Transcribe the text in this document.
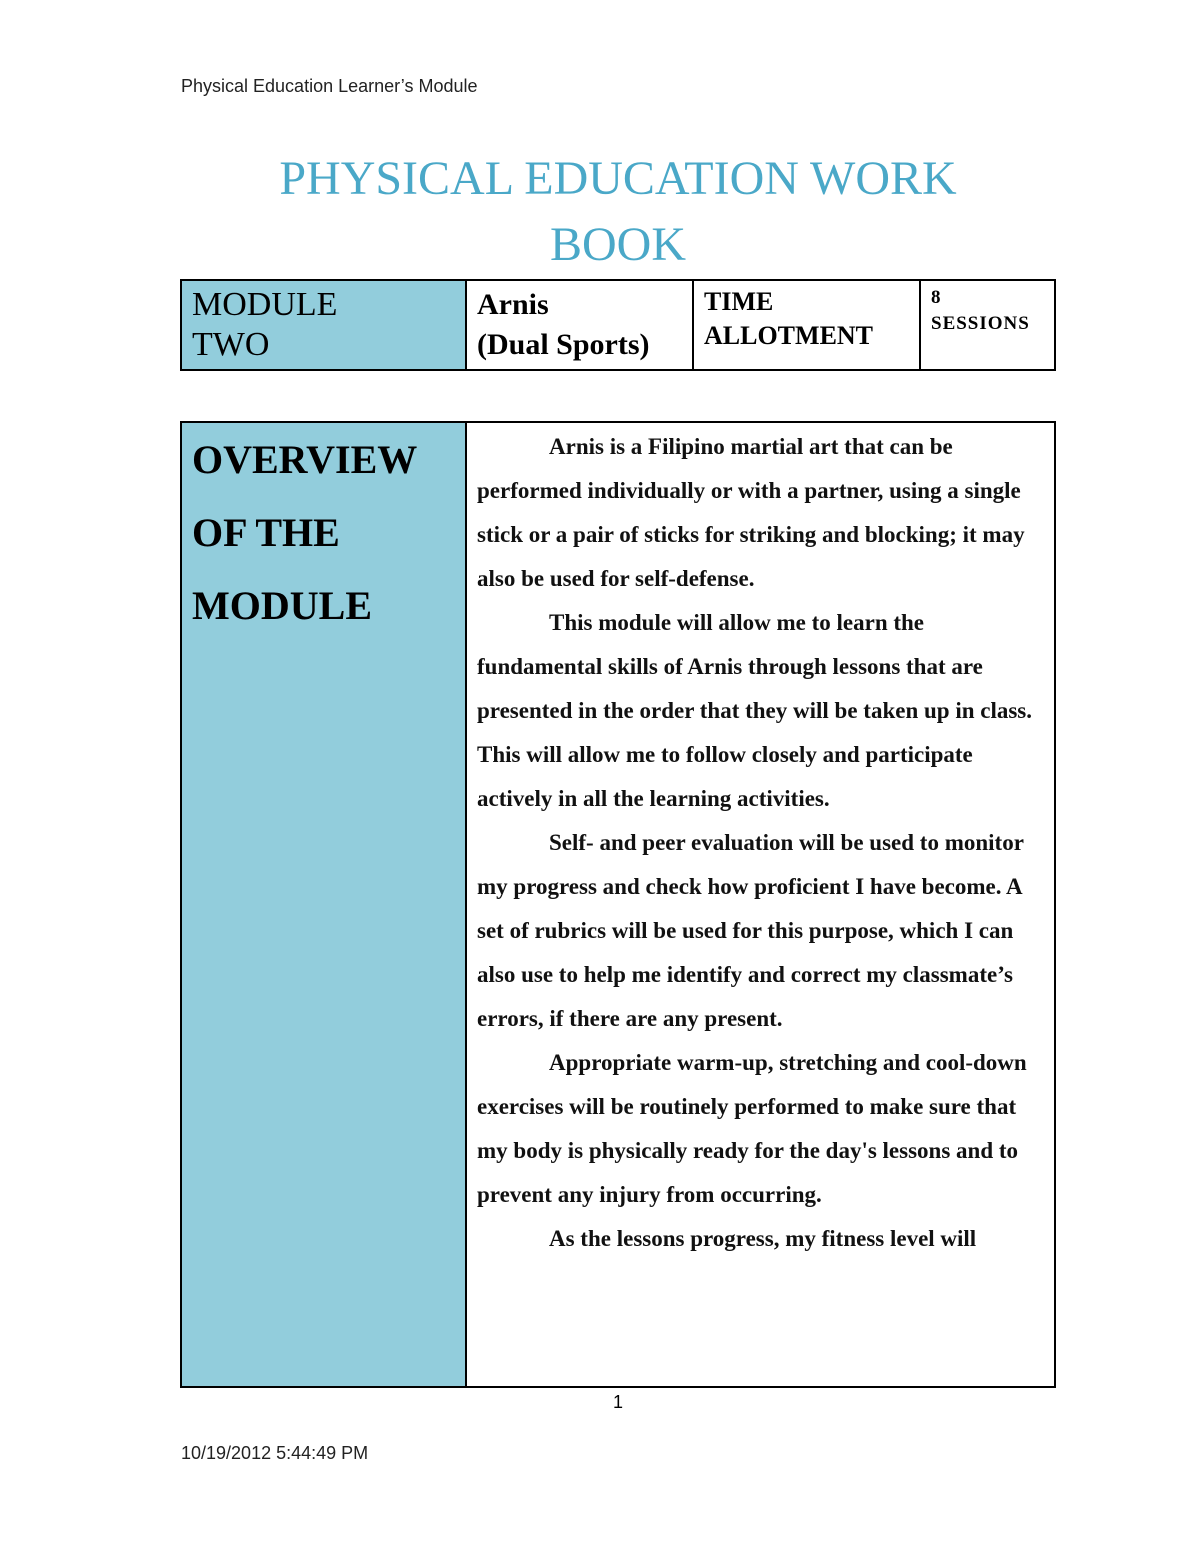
Physical Education Learner’s Module
PHYSICAL EDUCATION WORK
BOOK
MODULE
TWO

Arnis
(Dual Sports)

TIME
ALLOTMENT

8
SESSIONS
OVERVIEW
OF THE
MODULE

Arnis is a Filipino martial art that can be performed individually or with a partner, using a single stick or a pair of sticks for striking and blocking; it may also be used for self-defense.

This module will allow me to learn the fundamental skills of Arnis through lessons that are presented in the order that they will be taken up in class. This will allow me to follow closely and participate actively in all the learning activities.

Self- and peer evaluation will be used to monitor my progress and check how proficient I have become. A set of rubrics will be used for this purpose, which I can also use to help me identify and correct my classmate’s errors, if there are any present.

Appropriate warm-up, stretching and cool-down exercises will be routinely performed to make sure that my body is physically ready for the day's lessons and to prevent any injury from occurring.

As the lessons progress, my fitness level will

1
10/19/2012 5:44:49 PM
